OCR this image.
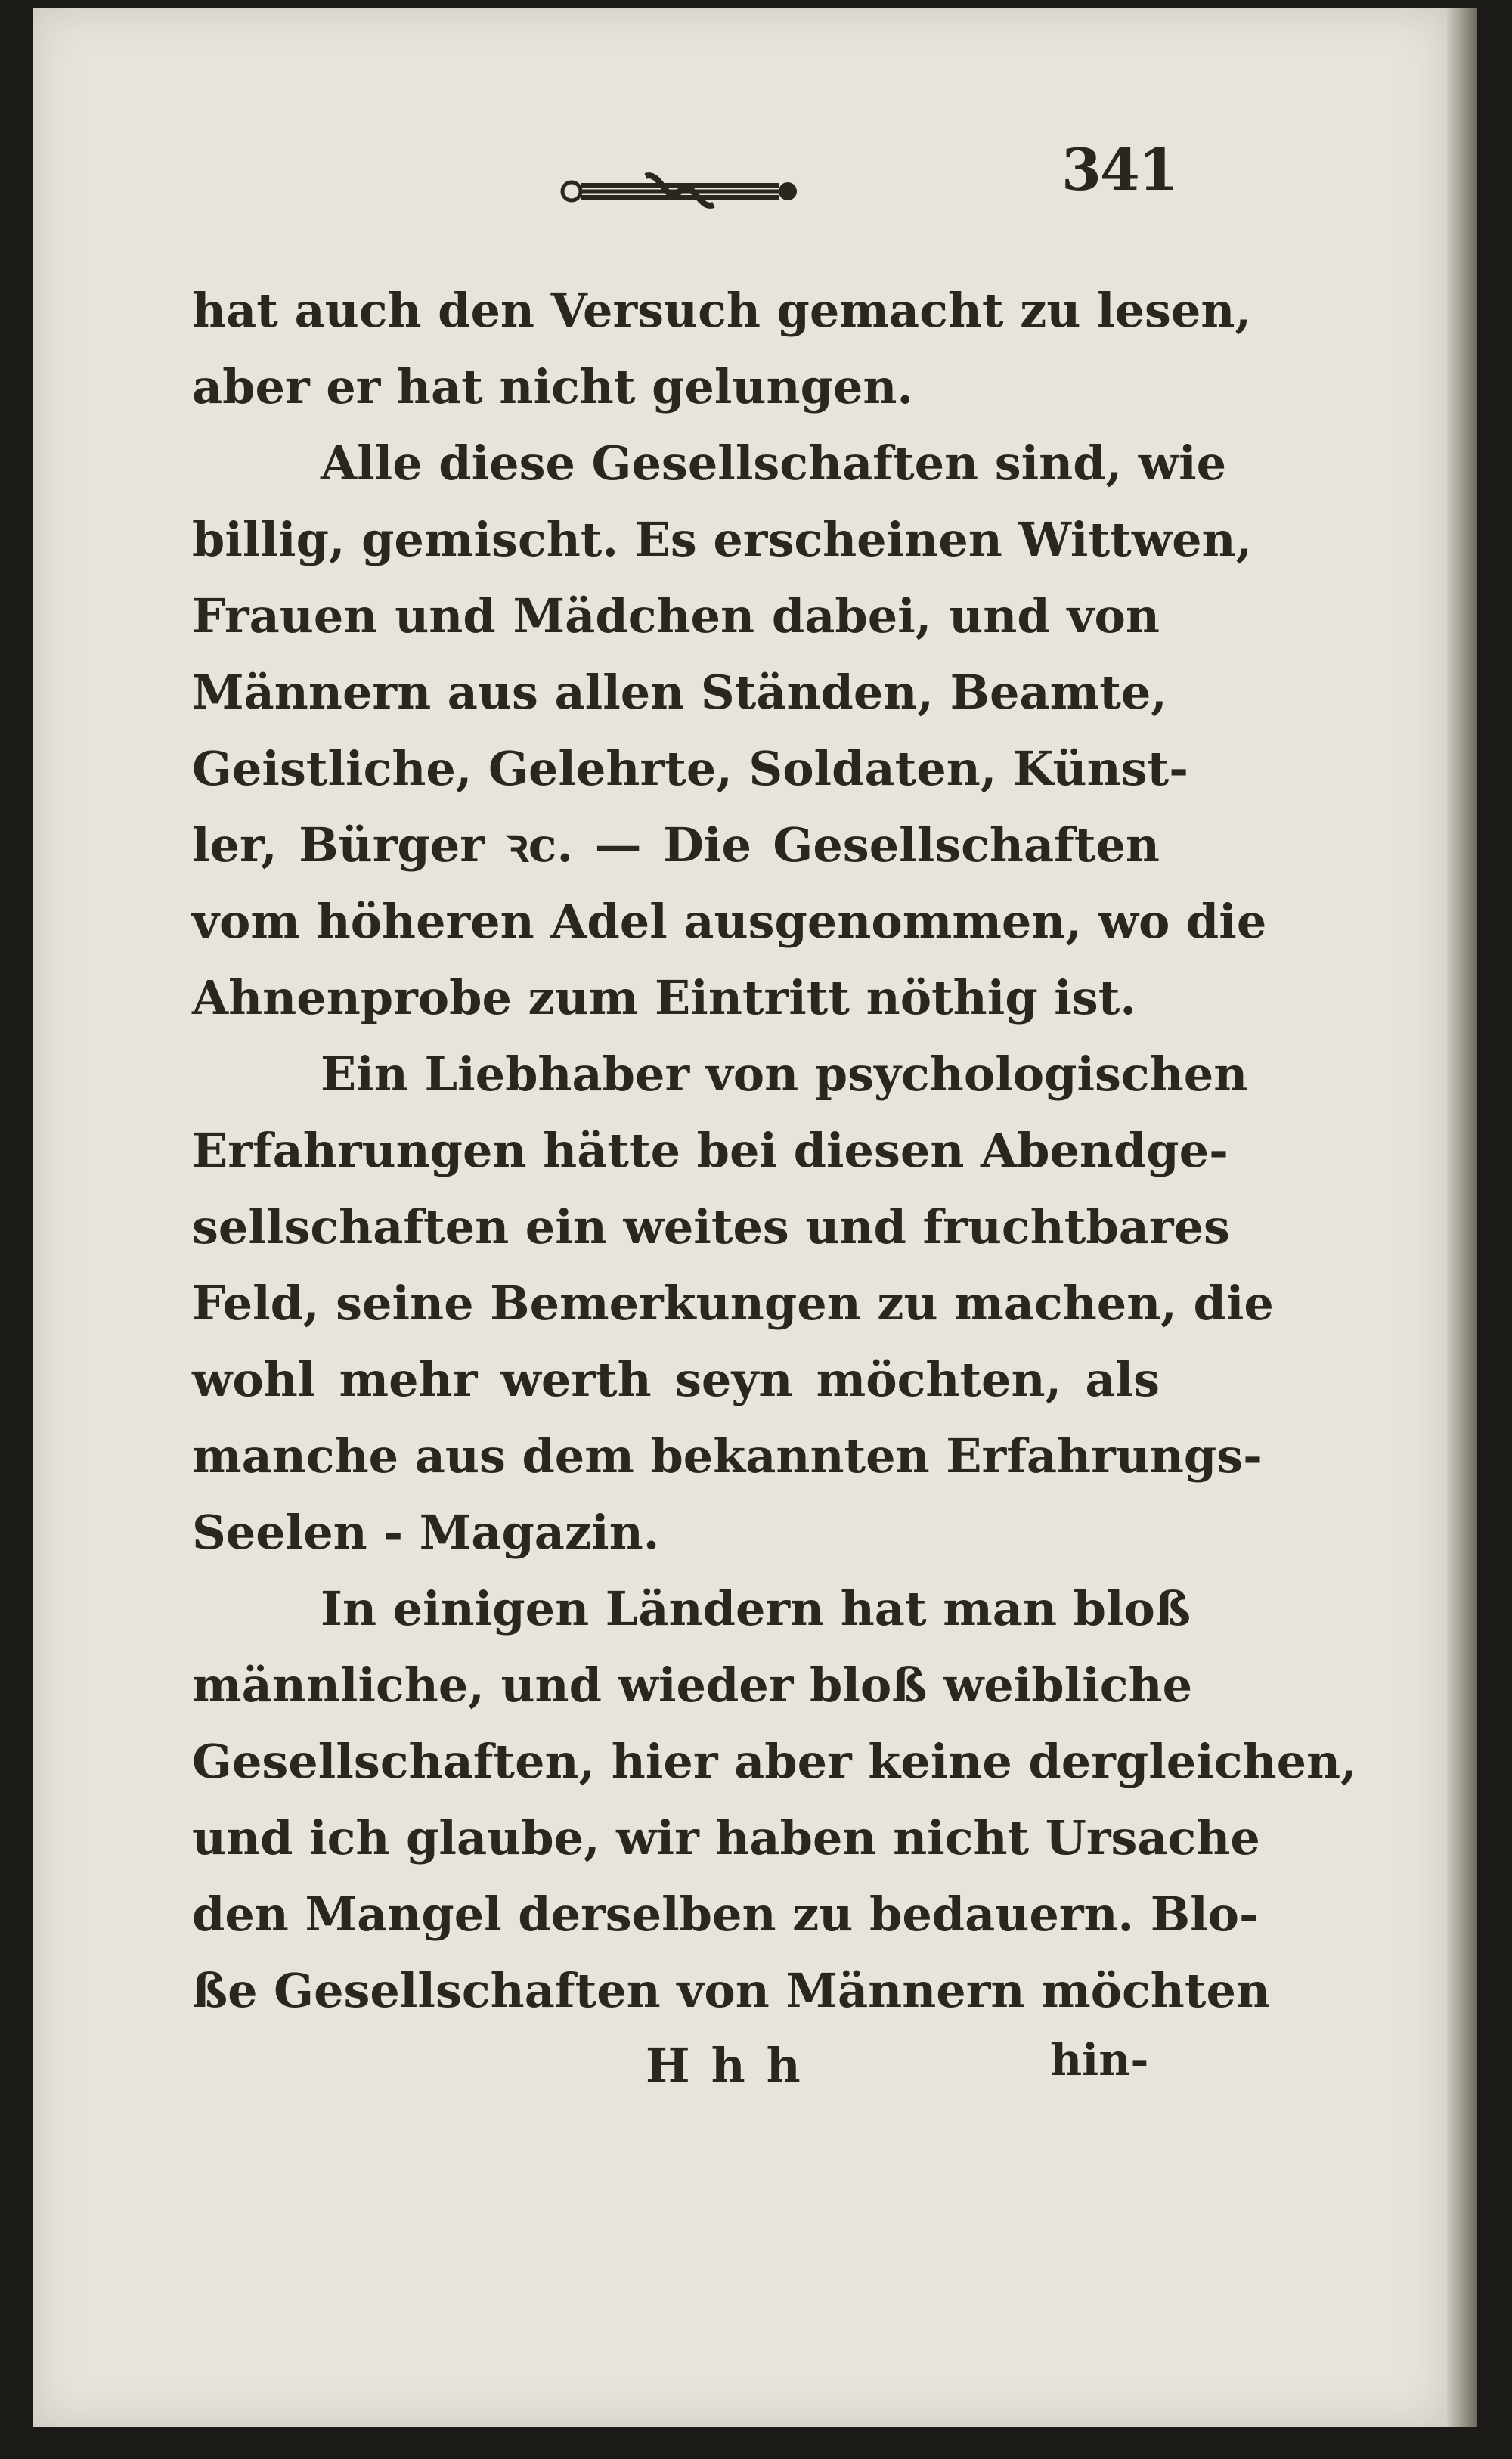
341
hat auch den Versuch gemacht zu lesen,
aber er hat nicht gelungen.
Alle diese Gesellschaften sind, wie
billig, gemischt. Es erscheinen Wittwen,
Frauen und Mädchen dabei, und von
Männern aus allen Ständen, Beamte,
Geistliche, Gelehrte, Soldaten, Künst-
ler, Bürger ꝛc. — Die Gesellschaften
vom höheren Adel ausgenommen, wo die
Ahnenprobe zum Eintritt nöthig ist.
Ein Liebhaber von psychologischen
Erfahrungen hätte bei diesen Abendge-
sellschaften ein weites und fruchtbares
Feld, seine Bemerkungen zu machen, die
wohl mehr werth seyn möchten, als
manche aus dem bekannten Erfahrungs-
Seelen - Magazin.
In einigen Ländern hat man bloß
männliche, und wieder bloß weibliche
Gesellschaften, hier aber keine dergleichen,
und ich glaube, wir haben nicht Ursache
den Mangel derselben zu bedauern. Blo-
ße Gesellschaften von Männern möchten
Hhh	hin-
